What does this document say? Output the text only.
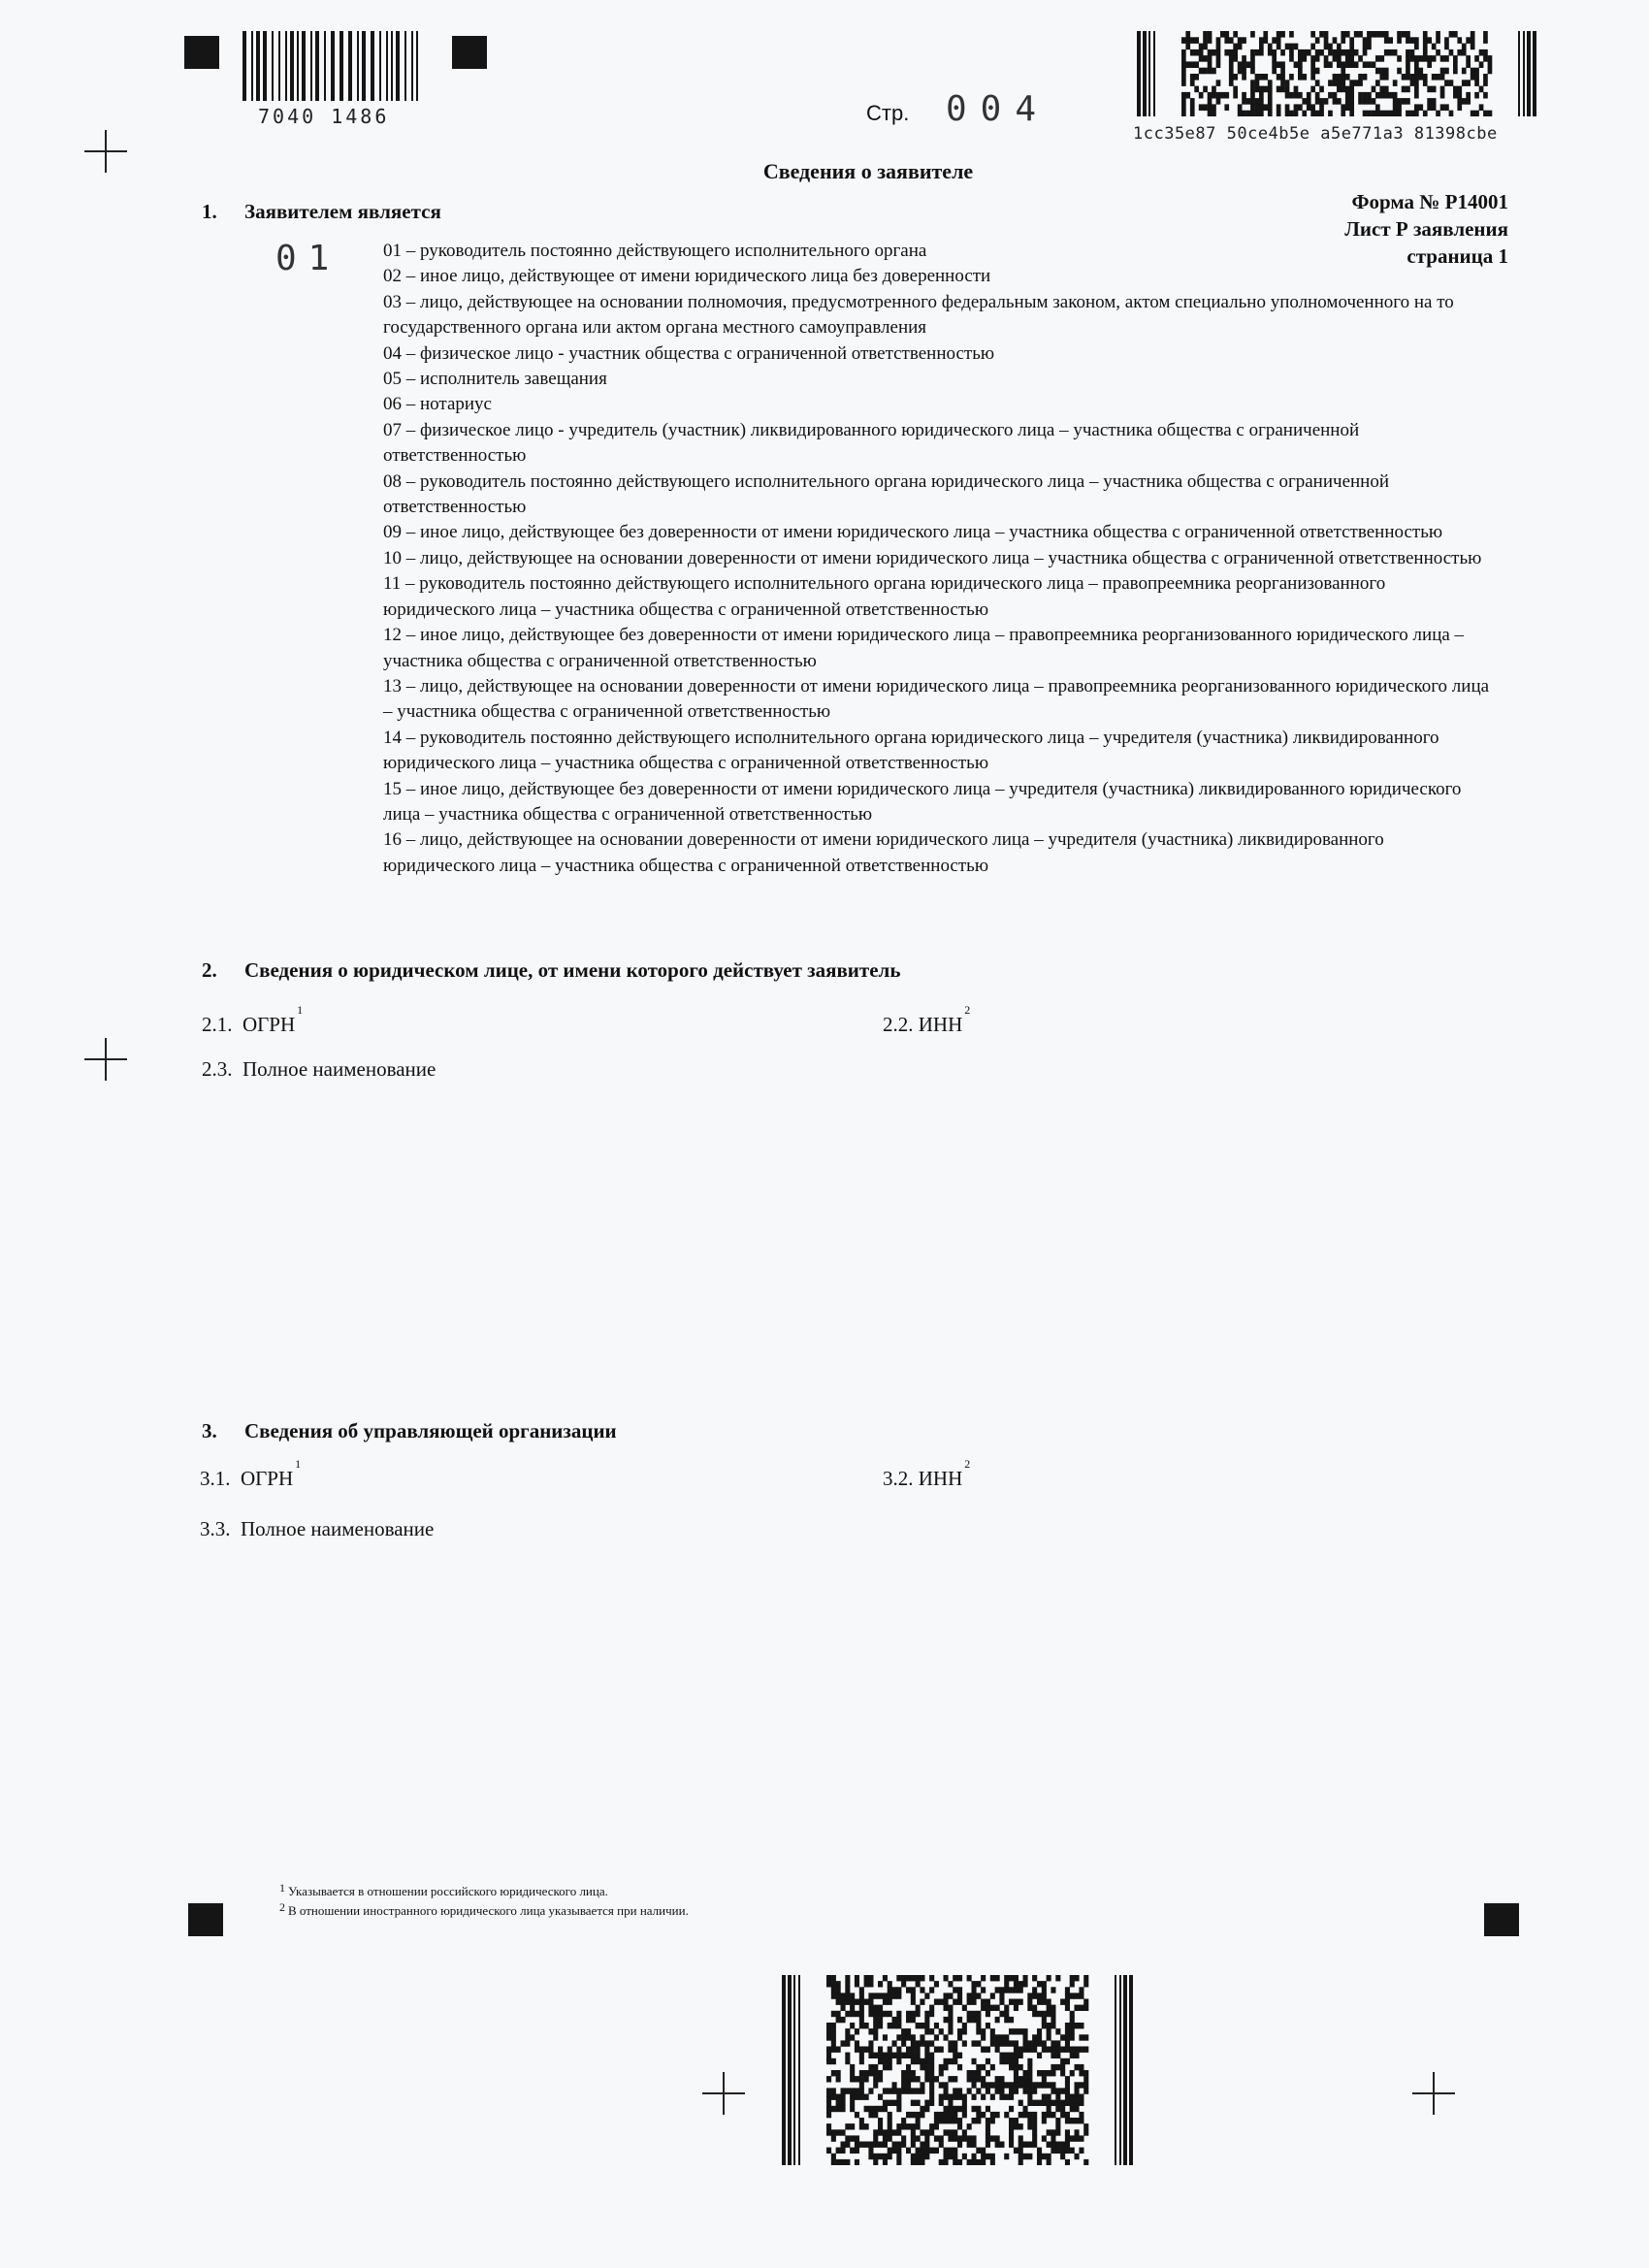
7040 1486	Стр. 004
1cc35e87 50ce4b5e a5e771a3 81398cbe
Сведения о заявителе
Форма № Р14001
Лист Р заявления
страница 1
1. Заявителем является
01 01 – руководитель постоянно действующего исполнительного органа
02 – иное лицо, действующее от имени юридического лица без доверенности
03 – лицо, действующее на основании полномочия, предусмотренного федеральным законом, актом специально уполномоченного на то государственного органа или актом органа местного самоуправления
04 – физическое лицо - участник общества с ограниченной ответственностью
05 – исполнитель завещания
06 – нотариус
07 – физическое лицо - учредитель (участник) ликвидированного юридического лица – участника общества с ограниченной ответственностью
08 – руководитель постоянно действующего исполнительного органа юридического лица – участника общества с ограниченной ответственностью
09 – иное лицо, действующее без доверенности от имени юридического лица – участника общества с ограниченной ответственностью
10 – лицо, действующее на основании доверенности от имени юридического лица – участника общества с ограниченной ответственностью
11 – руководитель постоянно действующего исполнительного органа юридического лица – правопреемника реорганизованного юридического лица – участника общества с ограниченной ответственностью
12 – иное лицо, действующее без доверенности от имени юридического лица – правопреемника реорганизованного юридического лица – участника общества с ограниченной ответственностью
13 – лицо, действующее на основании доверенности от имени юридического лица – правопреемника реорганизованного юридического лица – участника общества с ограниченной ответственностью
14 – руководитель постоянно действующего исполнительного органа юридического лица – учредителя (участника) ликвидированного юридического лица – участника общества с ограниченной ответственностью
15 – иное лицо, действующее без доверенности от имени юридического лица – учредителя (участника) ликвидированного юридического лица – участника общества с ограниченной ответственностью
16 – лицо, действующее на основании доверенности от имени юридического лица – учредителя (участника) ликвидированного юридического лица – участника общества с ограниченной ответственностью
2. Сведения о юридическом лице, от имени которого действует заявитель
2.1. ОГРН$^1$
2.2. ИНН$^2$
2.3. Полное наименование
3. Сведения об управляющей организации
3.1. ОГРН$^1$
3.2. ИНН$^2$
3.3. Полное наименование
$^1$ Указывается в отношении российского юридического лица.
$^2$ В отношении иностранного юридического лица указывается при наличии.
